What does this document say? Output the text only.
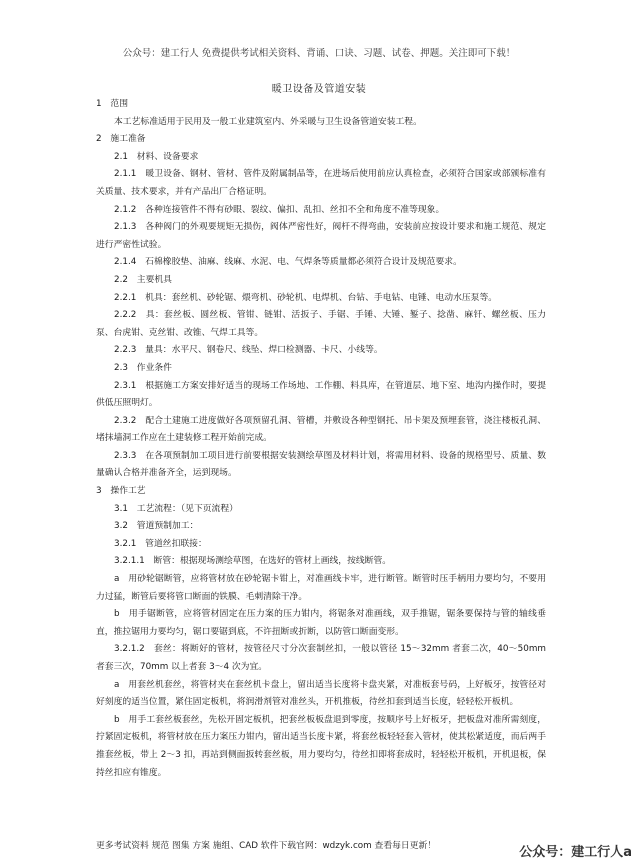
公众号：建工行人 免费提供考试相关资料、背诵、口诀、习题、试卷、押题。关注即可下载！
暖卫设备及管道安装

1　范围

本工艺标准适用于民用及一般工业建筑室内、外采暖与卫生设备管道安装工程。

2　施工准备

2.1　材料、设备要求

2.1.1　暖卫设备、钢材、管材、管件及附属制品等，在进场后使用前应认真检查，必须符合国家或部颁标准有关质量、技术要求，并有产品出厂合格证明。

2.1.2　各种连接管件不得有砂眼、裂纹、偏扣、乱扣、丝扣不全和角度不准等现象。

2.1.3　各种阀门的外观要规矩无损伤，阀体严密性好，阀杆不得弯曲，安装前应按设计要求和施工规范、规定进行严密性试验。

2.1.4　石棉橡胶垫、油麻、线麻、水泥、电、气焊条等质量都必须符合设计及规范要求。

2.2　主要机具

2.2.1　机具：套丝机、砂轮锯、煨弯机、砂轮机、电焊机、台钻、手电钻、电锤、电动水压泵等。

2.2.2　具：套丝板、圆丝板、管钳、链钳、活扳子、手锯、手锤、大锤、錾子、捻凿、麻钎、螺丝板、压力泵、台虎钳、克丝钳、改锥、气焊工具等。

2.2.3　量具：水平尺、钢卷尺、线坠、焊口检测器、卡尺、小线等。

2.3　作业条件

2.3.1　根据施工方案安排好适当的现场工作场地、工作棚、料具库，在管道层、地下室、地沟内操作时，要提供低压照明灯。

2.3.2　配合土建施工进度做好各项预留孔洞、管槽，并敷设各种型钢托、吊卡架及预埋套管，浇注楼板孔洞、堵抹墙洞工作应在土建装修工程开始前完成。

2.3.3　在各项预制加工项目进行前要根据安装测绘草图及材料计划，将需用材料、设备的规格型号、质量、数量确认合格并准备齐全，运到现场。

3　操作工艺

3.1　工艺流程：（见下页流程）

3.2　管道预制加工：

3.2.1　管道丝扣联接：

3.2.1.1　断管：根据现场测绘草图，在选好的管材上画线，按线断管。

a　用砂轮锯断管，应将管材放在砂轮锯卡钳上，对准画线卡牢，进行断管。断管时压手柄用力要均匀，不要用力过猛，断管后要将管口断面的铁膜、毛刺清除干净。

b　用手锯断管，应将管材固定在压力案的压力钳内，将锯条对准画线，双手推锯，锯条要保持与管的轴线垂直，推拉锯用力要均匀，锯口要锯到底，不许扭断或折断，以防管口断面变形。

3.2.1.2　套丝：将断好的管材，按管径尺寸分次套制丝扣，一般以管径 15～32mm 者套二次，40～50mm 者套三次，70mm 以上者套 3～4 次为宜。

a　用套丝机套丝，将管材夹在套丝机卡盘上，留出适当长度将卡盘夹紧，对准板套号码，上好板牙，按管径对好刻度的适当位置，紧住固定板机，将润滑剂管对准丝头，开机推板，待丝扣套到适当长度，轻轻松开板机。

b　用手工套丝板套丝，先松开固定板机，把套丝板板盘退到零度，按顺序号上好板牙，把板盘对准所需刻度，拧紧固定板机，将管材放在压力案压力钳内，留出适当长度卡紧，将套丝板轻轻套入管材，使其松紧适度，而后两手推套丝板，带上 2～3 扣，再站到侧面扳转套丝板，用力要均匀，待丝扣即将套成时，轻轻松开板机，开机退板，保持丝扣应有锥度。

更多考试资料 规范 图集 方案 施组、CAD 软件下载官网：wdzyk.com 查看每日更新！	公众号：建工行人a
